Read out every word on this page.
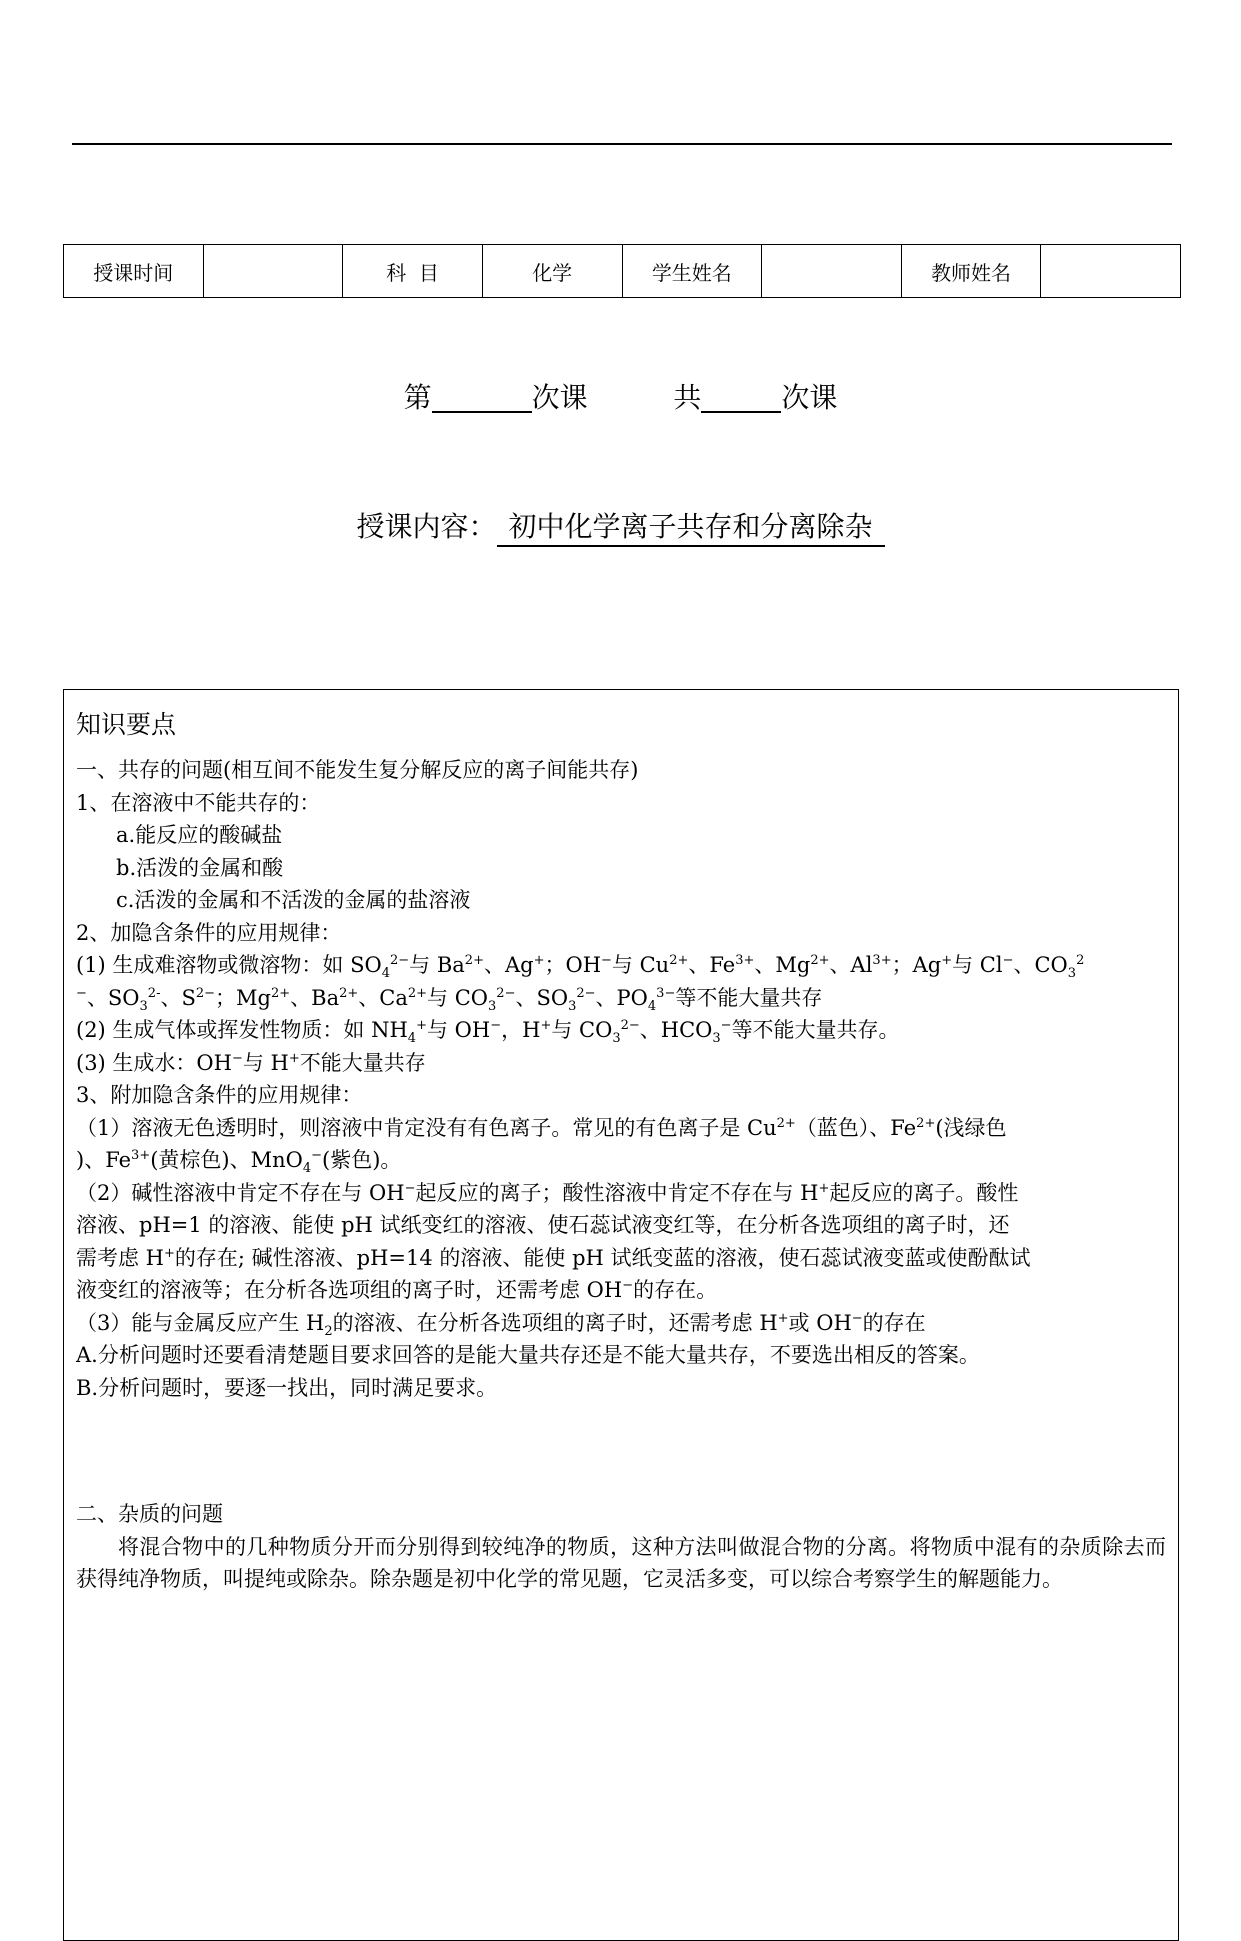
授课时间		科  目	化学	学生姓名		教师姓名	
第	次课	共	次课
授课内容： 初中化学离子共存和分离除杂
知识要点
一、共存的问题(相互间不能发生复分解反应的离子间能共存)
1、在溶液中不能共存的：
a.能反应的酸碱盐
b.活泼的金属和酸
c.活泼的金属和不活泼的金属的盐溶液
2、加隐含条件的应用规律：
(1) 生成难溶物或微溶物：如 $SO_4^{2-}$与 $Ba^{2+}$、Ag+；OH−与 $Cu^{2+}$、$Fe^{3+}$、$Mg^{2+}$、$Al^{3+}$；Ag+与 Cl−、$CO_3^2$
−、$SO_3^{2-}$、$S^{2-}$；$Mg^{2+}$、$Ba^{2+}$、$Ca^{2+}$与 $CO_3^{2-}$、$SO_3^{2-}$、$PO_4^{3-}$等不能大量共存
(2) 生成气体或挥发性物质：如 $NH_4^+$与 OH−，H+与 $CO_3^{2-}$、$HCO_3^-$等不能大量共存。
(3) 生成水：OH−与 H+不能大量共存
3、附加隐含条件的应用规律：
（1）溶液无色透明时，则溶液中肯定没有有色离子。常见的有色离子是 $Cu^{2+}$（蓝色）、$Fe^{2+}$(浅绿色
)、$Fe^{3+}$(黄棕色)、MnO$_4$−(紫色)。
（2）碱性溶液中肯定不存在与 OH−起反应的离子；酸性溶液中肯定不存在与 H+起反应的离子。酸性
溶液、pH=1 的溶液、能使 pH 试纸变红的溶液、使石蕊试液变红等，在分析各选项组的离子时，还
需考虑 H+的存在; 碱性溶液、pH=14 的溶液、能使 pH 试纸变蓝的溶液，使石蕊试液变蓝或使酚酞试
液变红的溶液等；在分析各选项组的离子时，还需考虑 OH−的存在。
（3）能与金属反应产生 $H_2$的溶液、在分析各选项组的离子时，还需考虑 H+或 OH−的存在
A.分析问题时还要看清楚题目要求回答的是能大量共存还是不能大量共存，不要选出相反的答案。
B.分析问题时，要逐一找出，同时满足要求。
二、杂质的问题
将混合物中的几种物质分开而分别得到较纯净的物质，这种方法叫做混合物的分离。将物质中混有的杂质除去而获得纯净物质，叫提纯或除杂。除杂题是初中化学的常见题，它灵活多变，可以综合考察学生的解题能力。
